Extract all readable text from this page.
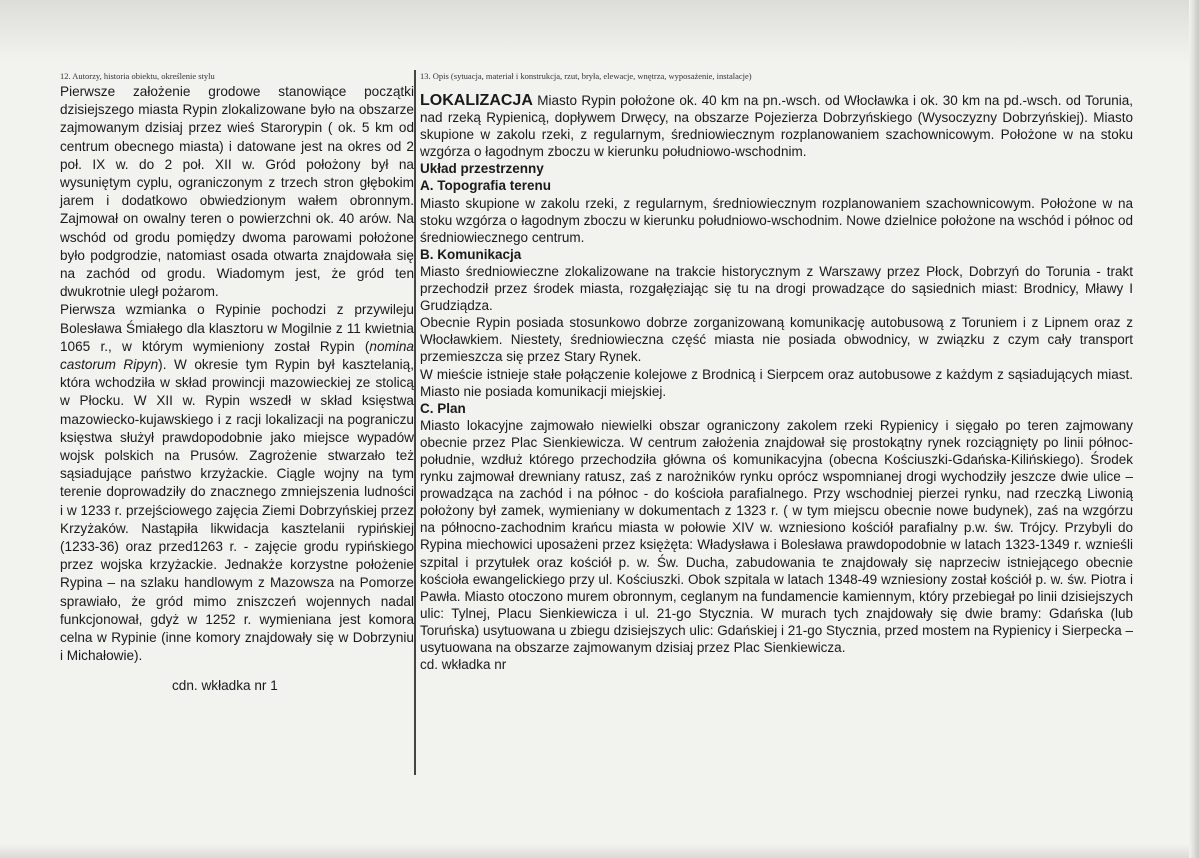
12. Autorzy, historia obiektu, określenie stylu

Pierwsze założenie grodowe stanowiące początki dzisiejszego miasta Rypin zlokalizowane było na obszarze zajmowanym dzisiaj przez wieś Starorypin ( ok. 5 km od centrum obecnego miasta) i datowane jest na okres od 2 poł. IX w. do 2 poł. XII w. Gród położony był na wysuniętym cyplu, ograniczonym z trzech stron głębokim jarem i dodatkowo obwiedzionym wałem obronnym. Zajmował on owalny teren o powierzchni ok. 40 arów. Na wschód od grodu pomiędzy dwoma parowami położone było podgrodzie, natomiast osada otwarta znajdowała się na zachód od grodu. Wiadomym jest, że gród ten dwukrotnie uległ pożarom.

Pierwsza wzmianka o Rypinie pochodzi z przywileju Bolesława Śmiałego dla klasztoru w Mogilnie z 11 kwietnia 1065 r., w którym wymieniony został Rypin (nomina castorum Ripyn). W okresie tym Rypin był kasztelanią, która wchodziła w skład prowincji mazowieckiej ze stolicą w Płocku. W XII w. Rypin wszedł w skład księstwa mazowiecko-kujawskiego i z racji lokalizacji na pograniczu księstwa służył prawdopodobnie jako miejsce wypadów wojsk polskich na Prusów. Zagrożenie stwarzało też sąsiadujące państwo krzyżackie. Ciągle wojny na tym terenie doprowadziły do znacznego zmniejszenia ludności i w 1233 r. przejściowego zajęcia Ziemi Dobrzyńskiej przez Krzyżaków. Nastąpiła likwidacja kasztelanii rypińskiej (1233-36) oraz przed1263 r. - zajęcie grodu rypińskiego przez wojska krzyżackie. Jednakże korzystne położenie Rypina – na szlaku handlowym z Mazowsza na Pomorze sprawiało, że gród mimo zniszczeń wojennych nadal funkcjonował, gdyż w 1252 r. wymieniana jest komora celna w Rypinie (inne komory znajdowały się w Dobrzyniu i Michałowie).

cdn. wkładka nr 1
13. Opis (sytuacja, materiał i konstrukcja, rzut, bryła, elewacje, wnętrza, wyposażenie, instalacje)

LOKALIZACJA Miasto Rypin położone ok. 40 km na pn.-wsch. od Włocławka i ok. 30 km na pd.-wsch. od Torunia, nad rzeką Rypienicą, dopływem Drwęcy, na obszarze Pojezierza Dobrzyńskiego (Wysoczyzny Dobrzyńskiej). Miasto skupione w zakolu rzeki, z regularnym, średniowiecznym rozplanowaniem szachownicowym. Położone w na stoku wzgórza o łagodnym zboczu w kierunku południowo-wschodnim.

Układ przestrzenny

A. Topografia terenu

Miasto skupione w zakolu rzeki, z regularnym, średniowiecznym rozplanowaniem szachownicowym. Położone w na stoku wzgórza o łagodnym zboczu w kierunku południowo-wschodnim. Nowe dzielnice położone na wschód i północ od średniowiecznego centrum.

B. Komunikacja

Miasto średniowieczne zlokalizowane na trakcie historycznym z Warszawy przez Płock, Dobrzyń do Torunia - trakt przechodził przez środek miasta, rozgałęziając się tu na drogi prowadzące do sąsiednich miast: Brodnicy, Mławy I Grudziądza.

Obecnie Rypin posiada stosunkowo dobrze zorganizowaną komunikację autobusową z Toruniem i z Lipnem oraz z Włocławkiem. Niestety, średniowieczna część miasta nie posiada obwodnicy, w związku z czym cały transport przemieszcza się przez Stary Rynek.

W mieście istnieje stałe połączenie kolejowe z Brodnicą i Sierpcem oraz autobusowe z każdym z sąsiadujących miast. Miasto nie posiada komunikacji miejskiej.

C. Plan

Miasto lokacyjne zajmowało niewielki obszar ograniczony zakolem rzeki Rypienicy i sięgało po teren zajmowany obecnie przez Plac Sienkiewicza. W centrum założenia znajdował się prostokątny rynek rozciągnięty po linii północ-południe, wzdłuż którego przechodziła główna oś komunikacyjna (obecna Kościuszki-Gdańska-Kilińskiego). Środek rynku zajmował drewniany ratusz, zaś z narożników rynku oprócz wspomnianej drogi wychodziły jeszcze dwie ulice – prowadząca na zachód i na północ - do kościoła parafialnego. Przy wschodniej pierzei rynku, nad rzeczką Liwonią położony był zamek, wymieniany w dokumentach z 1323 r. ( w tym miejscu obecnie nowe budynek), zaś na wzgórzu na północno-zachodnim krańcu miasta w połowie XIV w. wzniesiono kościół parafialny p.w. św. Trójcy. Przybyli do Rypina miechowici uposażeni przez księżęta: Władysława i Bolesława prawdopodobnie w latach 1323-1349 r. wznieśli szpital i przytułek oraz kościół p. w. Św. Ducha, zabudowania te znajdowały się naprzeciw istniejącego obecnie kościoła ewangelickiego przy ul. Kościuszki. Obok szpitala w latach 1348-49 wzniesiony został kościół p. w. św. Piotra i Pawła. Miasto otoczono murem obronnym, ceglanym na fundamencie kamiennym, który przebiegał po linii dzisiejszych ulic: Tylnej, Placu Sienkiewicza i ul. 21-go Stycznia. W murach tych znajdowały się dwie bramy: Gdańska (lub Toruńska) usytuowana u zbiegu dzisiejszych ulic: Gdańskiej i 21-go Stycznia, przed mostem na Rypienicy i Sierpecka – usytuowana na obszarze zajmowanym dzisiaj przez Plac Sienkiewicza.

cd. wkładka nr
